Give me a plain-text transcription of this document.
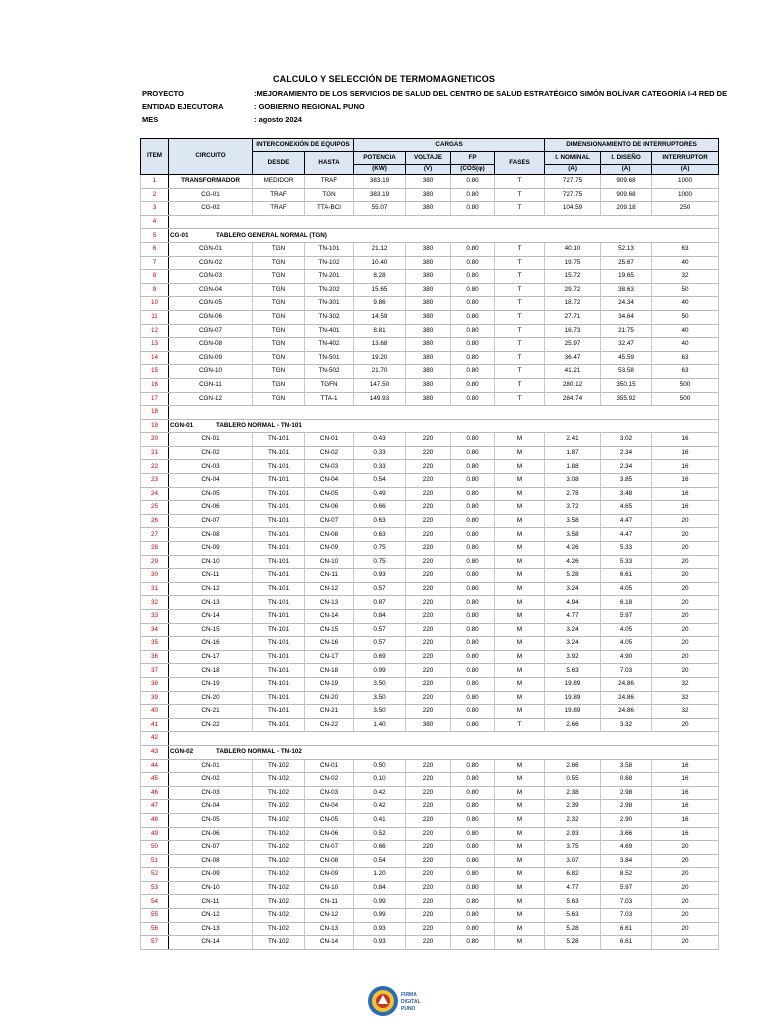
CALCULO Y SELECCIÓN DE TERMOMAGNETICOS
PROYECTO	:MEJORAMIENTO DE LOS SERVICIOS DE SALUD DEL CENTRO DE SALUD ESTRATÉGICO SIMÓN BOLÍVAR CATEGORÍA I-4 RED DE
ENTIDAD EJECUTORA	: GOBIERNO REGIONAL PUNO
MES	: agosto 2024
ITEM	CIRCUITO	INTERCONEXIÓN DE EQUIPOS		CARGAS				DIMENSIONAMIENTO DE INTERRUPTORES		
		DESDE	HASTA	POTENCIA	VOLTAJE	FP	FASES	I. NOMINAL	I. DISEÑO	INTERRUPTOR
				(KW)	(V)	(COS(φ)		(A)	(A)	(A)
1	TRANSFORMADOR	MEDIDOR	TRAF	383.19	380	0.80	T	727.75	909.68	1000
2	CG-01	TRAF	TGN	383.19	380	0.80	T	727.75	909.68	1000
3	CG-02	TRAF	TTA-BCI	55.07	380	0.80	T	104.59	209.18	250
4										
5	CG-01 TABLERO GENERAL NORMAL (TGN)									
6	CGN-01	TGN	TN-101	21.12	380	0.80	T	40.10	52.13	63
7	CGN-02	TGN	TN-102	10.40	380	0.80	T	19.75	25.67	40
8	CGN-03	TGN	TN-201	8.28	380	0.80	T	15.72	19.65	32
9	CGN-04	TGN	TN-202	15.65	380	0.80	T	29.72	38.63	50
10	CGN-05	TGN	TN-301	9.86	380	0.80	T	18.72	24.34	40
11	CGN-06	TGN	TN-302	14.59	380	0.80	T	27.71	34.64	50
12	CGN-07	TGN	TN-401	8.81	380	0.80	T	16.73	21.75	40
13	CGN-08	TGN	TN-402	13.68	380	0.80	T	25.97	32.47	40
14	CGN-09	TGN	TN-501	19.20	380	0.80	T	36.47	45.59	63
15	CGN-10	TGN	TN-502	21.70	380	0.80	T	41.21	53.58	63
16	CGN-11	TGN	TGFN	147.50	380	0.80	T	280.12	350.15	500
17	CGN-12	TGN	TTA-1	149.93	380	0.80	T	284.74	355.92	500
18										
19	CGN-01 TABLERO NORMAL - TN-101									
20	CN-01	TN-101	CN-01	0.43	220	0.80	M	2.41	3.02	16
21	CN-02	TN-101	CN-02	0.33	220	0.80	M	1.87	2.34	16
22	CN-03	TN-101	CN-03	0.33	220	0.80	M	1.88	2.34	16
23	CN-04	TN-101	CN-04	0.54	220	0.80	M	3.08	3.85	16
24	CN-05	TN-101	CN-05	0.49	220	0.80	M	2.78	3.48	16
25	CN-06	TN-101	CN-06	0.66	220	0.80	M	3.72	4.65	16
26	CN-07	TN-101	CN-07	0.63	220	0.80	M	3.58	4.47	20
27	CN-08	TN-101	CN-08	0.63	220	0.80	M	3.58	4.47	20
28	CN-09	TN-101	CN-09	0.75	220	0.80	M	4.26	5.33	20
29	CN-10	TN-101	CN-10	0.75	220	0.80	M	4.26	5.33	20
30	CN-11	TN-101	CN-11	0.93	220	0.80	M	5.28	6.61	20
31	CN-12	TN-101	CN-12	0.57	220	0.80	M	3.24	4.05	20
32	CN-13	TN-101	CN-13	0.87	220	0.80	M	4.94	6.18	20
33	CN-14	TN-101	CN-14	0.84	220	0.80	M	4.77	5.97	20
34	CN-15	TN-101	CN-15	0.57	220	0.80	M	3.24	4.05	20
35	CN-16	TN-101	CN-16	0.57	220	0.80	M	3.24	4.05	20
36	CN-17	TN-101	CN-17	0.69	220	0.80	M	3.92	4.90	20
37	CN-18	TN-101	CN-18	0.99	220	0.80	M	5.63	7.03	20
38	CN-19	TN-101	CN-19	3.50	220	0.80	M	19.89	24.86	32
39	CN-20	TN-101	CN-20	3.50	220	0.80	M	19.89	24.86	32
40	CN-21	TN-101	CN-21	3.50	220	0.80	M	19.89	24.86	32
41	CN-22	TN-101	CN-22	1.40	380	0.80	T	2.66	3.32	20
42										
43	CGN-02 TABLERO NORMAL - TN-102									
44	CN-01	TN-102	CN-01	0.50	220	0.80	M	2.86	3.58	16
45	CN-02	TN-102	CN-02	0.10	220	0.80	M	0.55	0.68	16
46	CN-03	TN-102	CN-03	0.42	220	0.80	M	2.38	2.98	16
47	CN-04	TN-102	CN-04	0.42	220	0.80	M	2.39	2.98	16
48	CN-05	TN-102	CN-05	0.41	220	0.80	M	2.32	2.90	16
49	CN-06	TN-102	CN-06	0.52	220	0.80	M	2.93	3.66	16
50	CN-07	TN-102	CN-07	0.66	220	0.80	M	3.75	4.69	20
51	CN-08	TN-102	CN-08	0.54	220	0.80	M	3.07	3.84	20
52	CN-09	TN-102	CN-09	1.20	220	0.80	M	6.82	8.52	20
53	CN-10	TN-102	CN-10	0.84	220	0.80	M	4.77	5.97	20
54	CN-11	TN-102	CN-11	0.99	220	0.80	M	5.63	7.03	20
55	CN-12	TN-102	CN-12	0.99	220	0.80	M	5.63	7.03	20
56	CN-13	TN-102	CN-13	0.93	220	0.80	M	5.28	6.61	20
57	CN-14	TN-102	CN-14	0.93	220	0.80	M	5.28	6.61	20
FIRMA
DIGITAL
PUNO
